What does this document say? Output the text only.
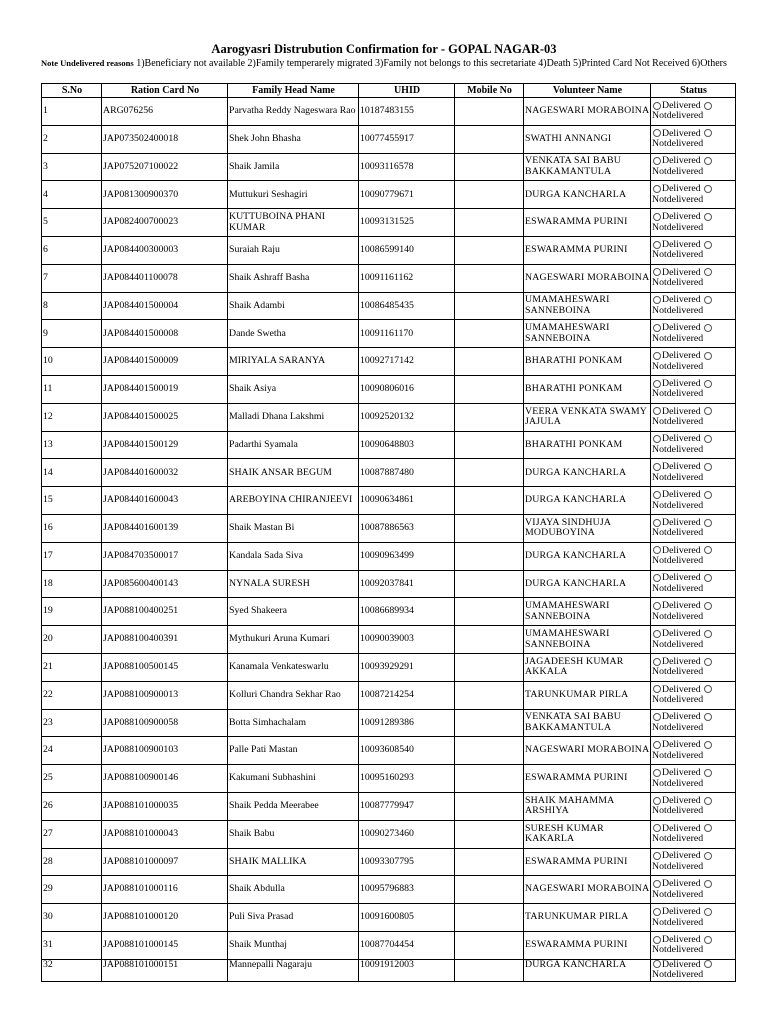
Aarogyasri Distrubution Confirmation for - GOPAL NAGAR-03
Note Undelivered reasons 1)Beneficiary not available 2)Family temperarely migrated 3)Family not belongs to this secretariate 4)Death 5)Printed Card Not Received 6)Others
S.No	Ration Card No	Family Head Name	UHID	Mobile No	Volunteer Name	Status
1	ARG076256	Parvatha Reddy Nageswara Rao	10187483155		NAGESWARI MORABOINA	Delivered
Notdelivered
2	JAP073502400018	Shek John Bhasha	10077455917		SWATHI ANNANGI	Delivered
Notdelivered
3	JAP075207100022	Shaik Jamila	10093116578		VENKATA SAI BABU BAKKAMANTULA	Delivered
Notdelivered
4	JAP081300900370	Muttukuri Seshagiri	10090779671		DURGA KANCHARLA	Delivered
Notdelivered
5	JAP082400700023	KUTTUBOINA PHANI KUMAR	10093131525		ESWARAMMA PURINI	Delivered
Notdelivered
6	JAP084400300003	Suraiah Raju	10086599140		ESWARAMMA PURINI	Delivered
Notdelivered
7	JAP084401100078	Shaik Ashraff Basha	10091161162		NAGESWARI MORABOINA	Delivered
Notdelivered
8	JAP084401500004	Shaik Adambi	10086485435		UMAMAHESWARI SANNEBOINA	Delivered
Notdelivered
9	JAP084401500008	Dande Swetha	10091161170		UMAMAHESWARI SANNEBOINA	Delivered
Notdelivered
10	JAP084401500009	MIRIYALA SARANYA	10092717142		BHARATHI PONKAM	Delivered
Notdelivered
11	JAP084401500019	Shaik Asiya	10090806016		BHARATHI PONKAM	Delivered
Notdelivered
12	JAP084401500025	Malladi Dhana Lakshmi	10092520132		VEERA VENKATA SWAMY JAJULA	Delivered
Notdelivered
13	JAP084401500129	Padarthi Syamala	10090648803		BHARATHI PONKAM	Delivered
Notdelivered
14	JAP084401600032	SHAIK ANSAR BEGUM	10087887480		DURGA KANCHARLA	Delivered
Notdelivered
15	JAP084401600043	AREBOYINA CHIRANJEEVI	10090634861		DURGA KANCHARLA	Delivered
Notdelivered
16	JAP084401600139	Shaik Mastan Bi	10087886563		VIJAYA SINDHUJA MODUBOYINA	Delivered
Notdelivered
17	JAP084703500017	Kandala Sada Siva	10090963499		DURGA KANCHARLA	Delivered
Notdelivered
18	JAP085600400143	NYNALA SURESH	10092037841		DURGA KANCHARLA	Delivered
Notdelivered
19	JAP088100400251	Syed Shakeera	10086689934		UMAMAHESWARI SANNEBOINA	Delivered
Notdelivered
20	JAP088100400391	Mythukuri Aruna Kumari	10090039003		UMAMAHESWARI SANNEBOINA	Delivered
Notdelivered
21	JAP088100500145	Kanamala Venkateswarlu	10093929291		JAGADEESH KUMAR AKKALA	Delivered
Notdelivered
22	JAP088100900013	Kolluri Chandra Sekhar Rao	10087214254		TARUNKUMAR PIRLA	Delivered
Notdelivered
23	JAP088100900058	Botta Simhachalam	10091289386		VENKATA SAI BABU BAKKAMANTULA	Delivered
Notdelivered
24	JAP088100900103	Palle Pati Mastan	10093608540		NAGESWARI MORABOINA	Delivered
Notdelivered
25	JAP088100900146	Kakumani Subhashini	10095160293		ESWARAMMA PURINI	Delivered
Notdelivered
26	JAP088101000035	Shaik Pedda Meerabee	10087779947		SHAIK MAHAMMA ARSHIYA	Delivered
Notdelivered
27	JAP088101000043	Shaik Babu	10090273460		SURESH KUMAR KAKARLA	Delivered
Notdelivered
28	JAP088101000097	SHAIK MALLIKA	10093307795		ESWARAMMA PURINI	Delivered
Notdelivered
29	JAP088101000116	Shaik Abdulla	10095796883		NAGESWARI MORABOINA	Delivered
Notdelivered
30	JAP088101000120	Puli Siva Prasad	10091600805		TARUNKUMAR PIRLA	Delivered
Notdelivered
31	JAP088101000145	Shaik Munthaj	10087704454		ESWARAMMA PURINI	Delivered
Notdelivered
32	JAP088101000151	Mannepalli Nagaraju	10091912003		DURGA KANCHARLA	Delivered
Notdelivered
